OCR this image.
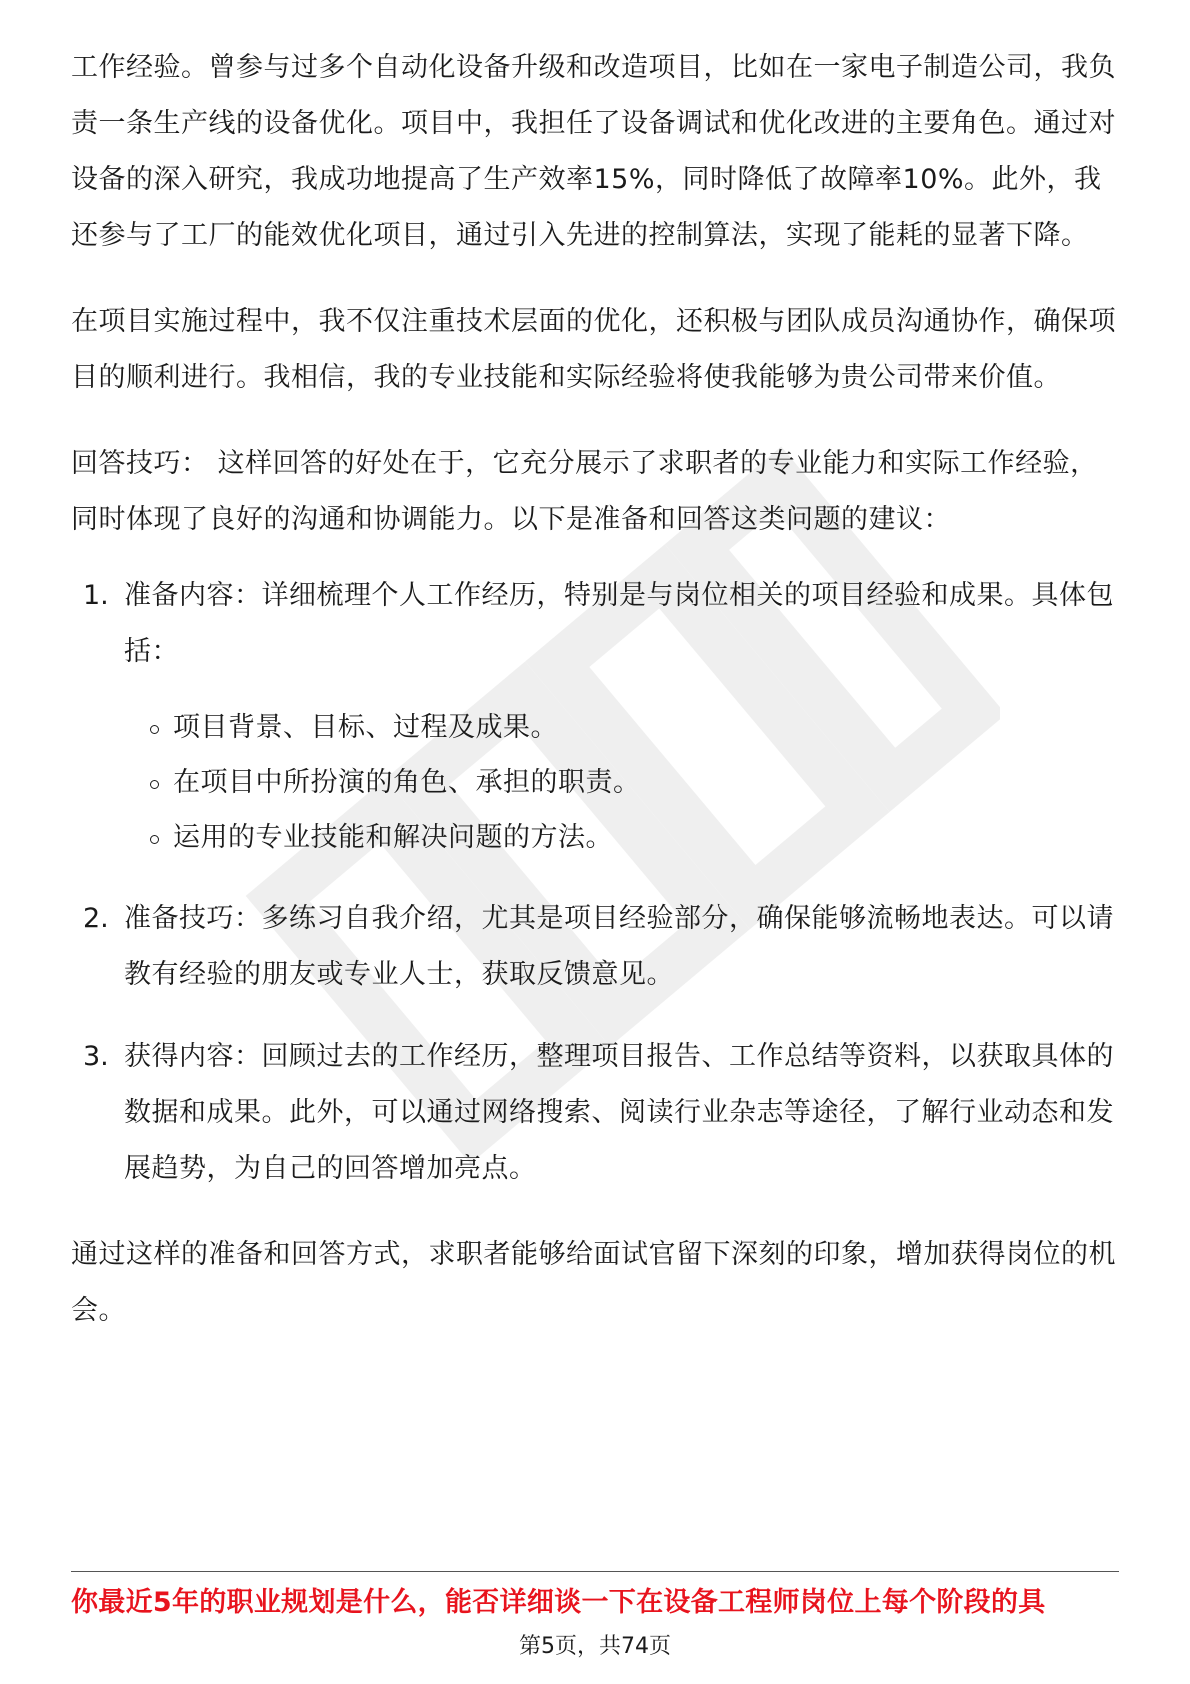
工作经验。曾参与过多个自动化设备升级和改造项目，比如在一家电子制造公司，我负责一条生产线的设备优化。项目中，我担任了设备调试和优化改进的主要角色。通过对设备的深入研究，我成功地提高了生产效率15%，同时降低了故障率10%。此外，我还参与了工厂的能效优化项目，通过引入先进的控制算法，实现了能耗的显著下降。

在项目实施过程中，我不仅注重技术层面的优化，还积极与团队成员沟通协作，确保项目的顺利进行。我相信，我的专业技能和实际经验将使我能够为贵公司带来价值。

回答技巧： 这样回答的好处在于，它充分展示了求职者的专业能力和实际工作经验，同时体现了良好的沟通和协调能力。以下是准备和回答这类问题的建议：

1. 准备内容：详细梳理个人工作经历，特别是与岗位相关的项目经验和成果。具体包括：

项目背景、目标、过程及成果。
在项目中所扮演的角色、承担的职责。
运用的专业技能和解决问题的方法。
2. 准备技巧：多练习自我介绍，尤其是项目经验部分，确保能够流畅地表达。可以请教有经验的朋友或专业人士，获取反馈意见。

3. 获得内容：回顾过去的工作经历，整理项目报告、工作总结等资料，以获取具体的数据和成果。此外，可以通过网络搜索、阅读行业杂志等途径，了解行业动态和发展趋势，为自己的回答增加亮点。

通过这样的准备和回答方式，求职者能够给面试官留下深刻的印象，增加获得岗位的机会。

你最近5年的职业规划是什么，能否详细谈一下在设备工程师岗位上每个阶段的具
第5页，共74页
